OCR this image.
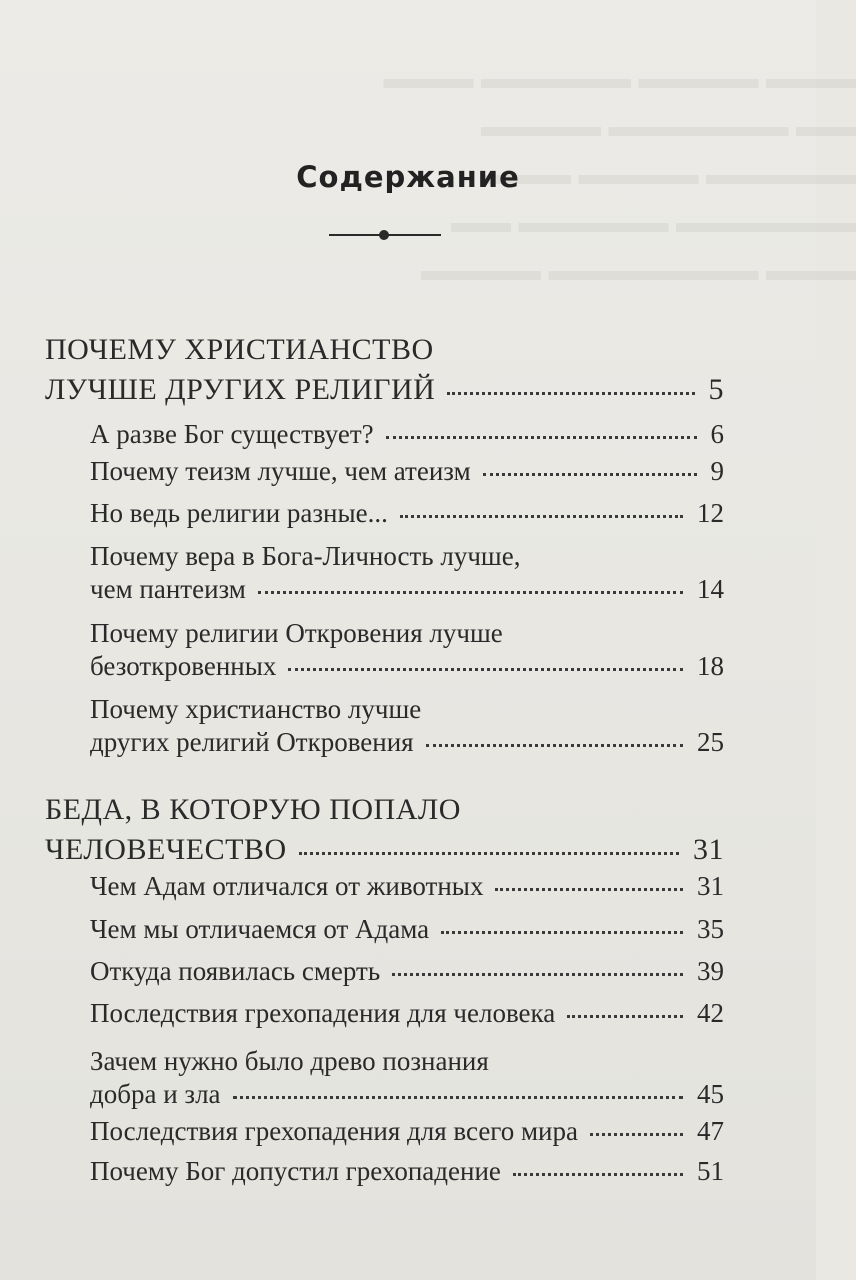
▬▬▬ ▬▬▬▬ ▬▬▬▬▬ ▬▬▬
▬▬ ▬▬▬▬▬▬ ▬▬▬▬
▬▬▬▬▬ ▬▬▬▬ ▬▬▬
▬▬▬▬▬▬ ▬▬▬▬▬ ▬▬
▬▬▬ ▬▬▬▬▬▬▬ ▬▬▬▬
Содержание
ПОЧЕМУ ХРИСТИАНСТВО
ЛУЧШЕ ДРУГИХ РЕЛИГИЙ	5
А разве Бог существует?	6
Почему теизм лучше, чем атеизм	9
Но ведь религии разные...	12
Почему вера в Бога-Личность лучше,
чем пантеизм	14
Почему религии Откровения лучше
безоткровенных	18
Почему христианство лучше
других религий Откровения	25
БЕДА, В КОТОРУЮ ПОПАЛО
ЧЕЛОВЕЧЕСТВО	31
Чем Адам отличался от животных	31
Чем мы отличаемся от Адама	35
Откуда появилась смерть	39
Последствия грехопадения для человека	42
Зачем нужно было древо познания
добра и зла	45
Последствия грехопадения для всего мира	47
Почему Бог допустил грехопадение	51
